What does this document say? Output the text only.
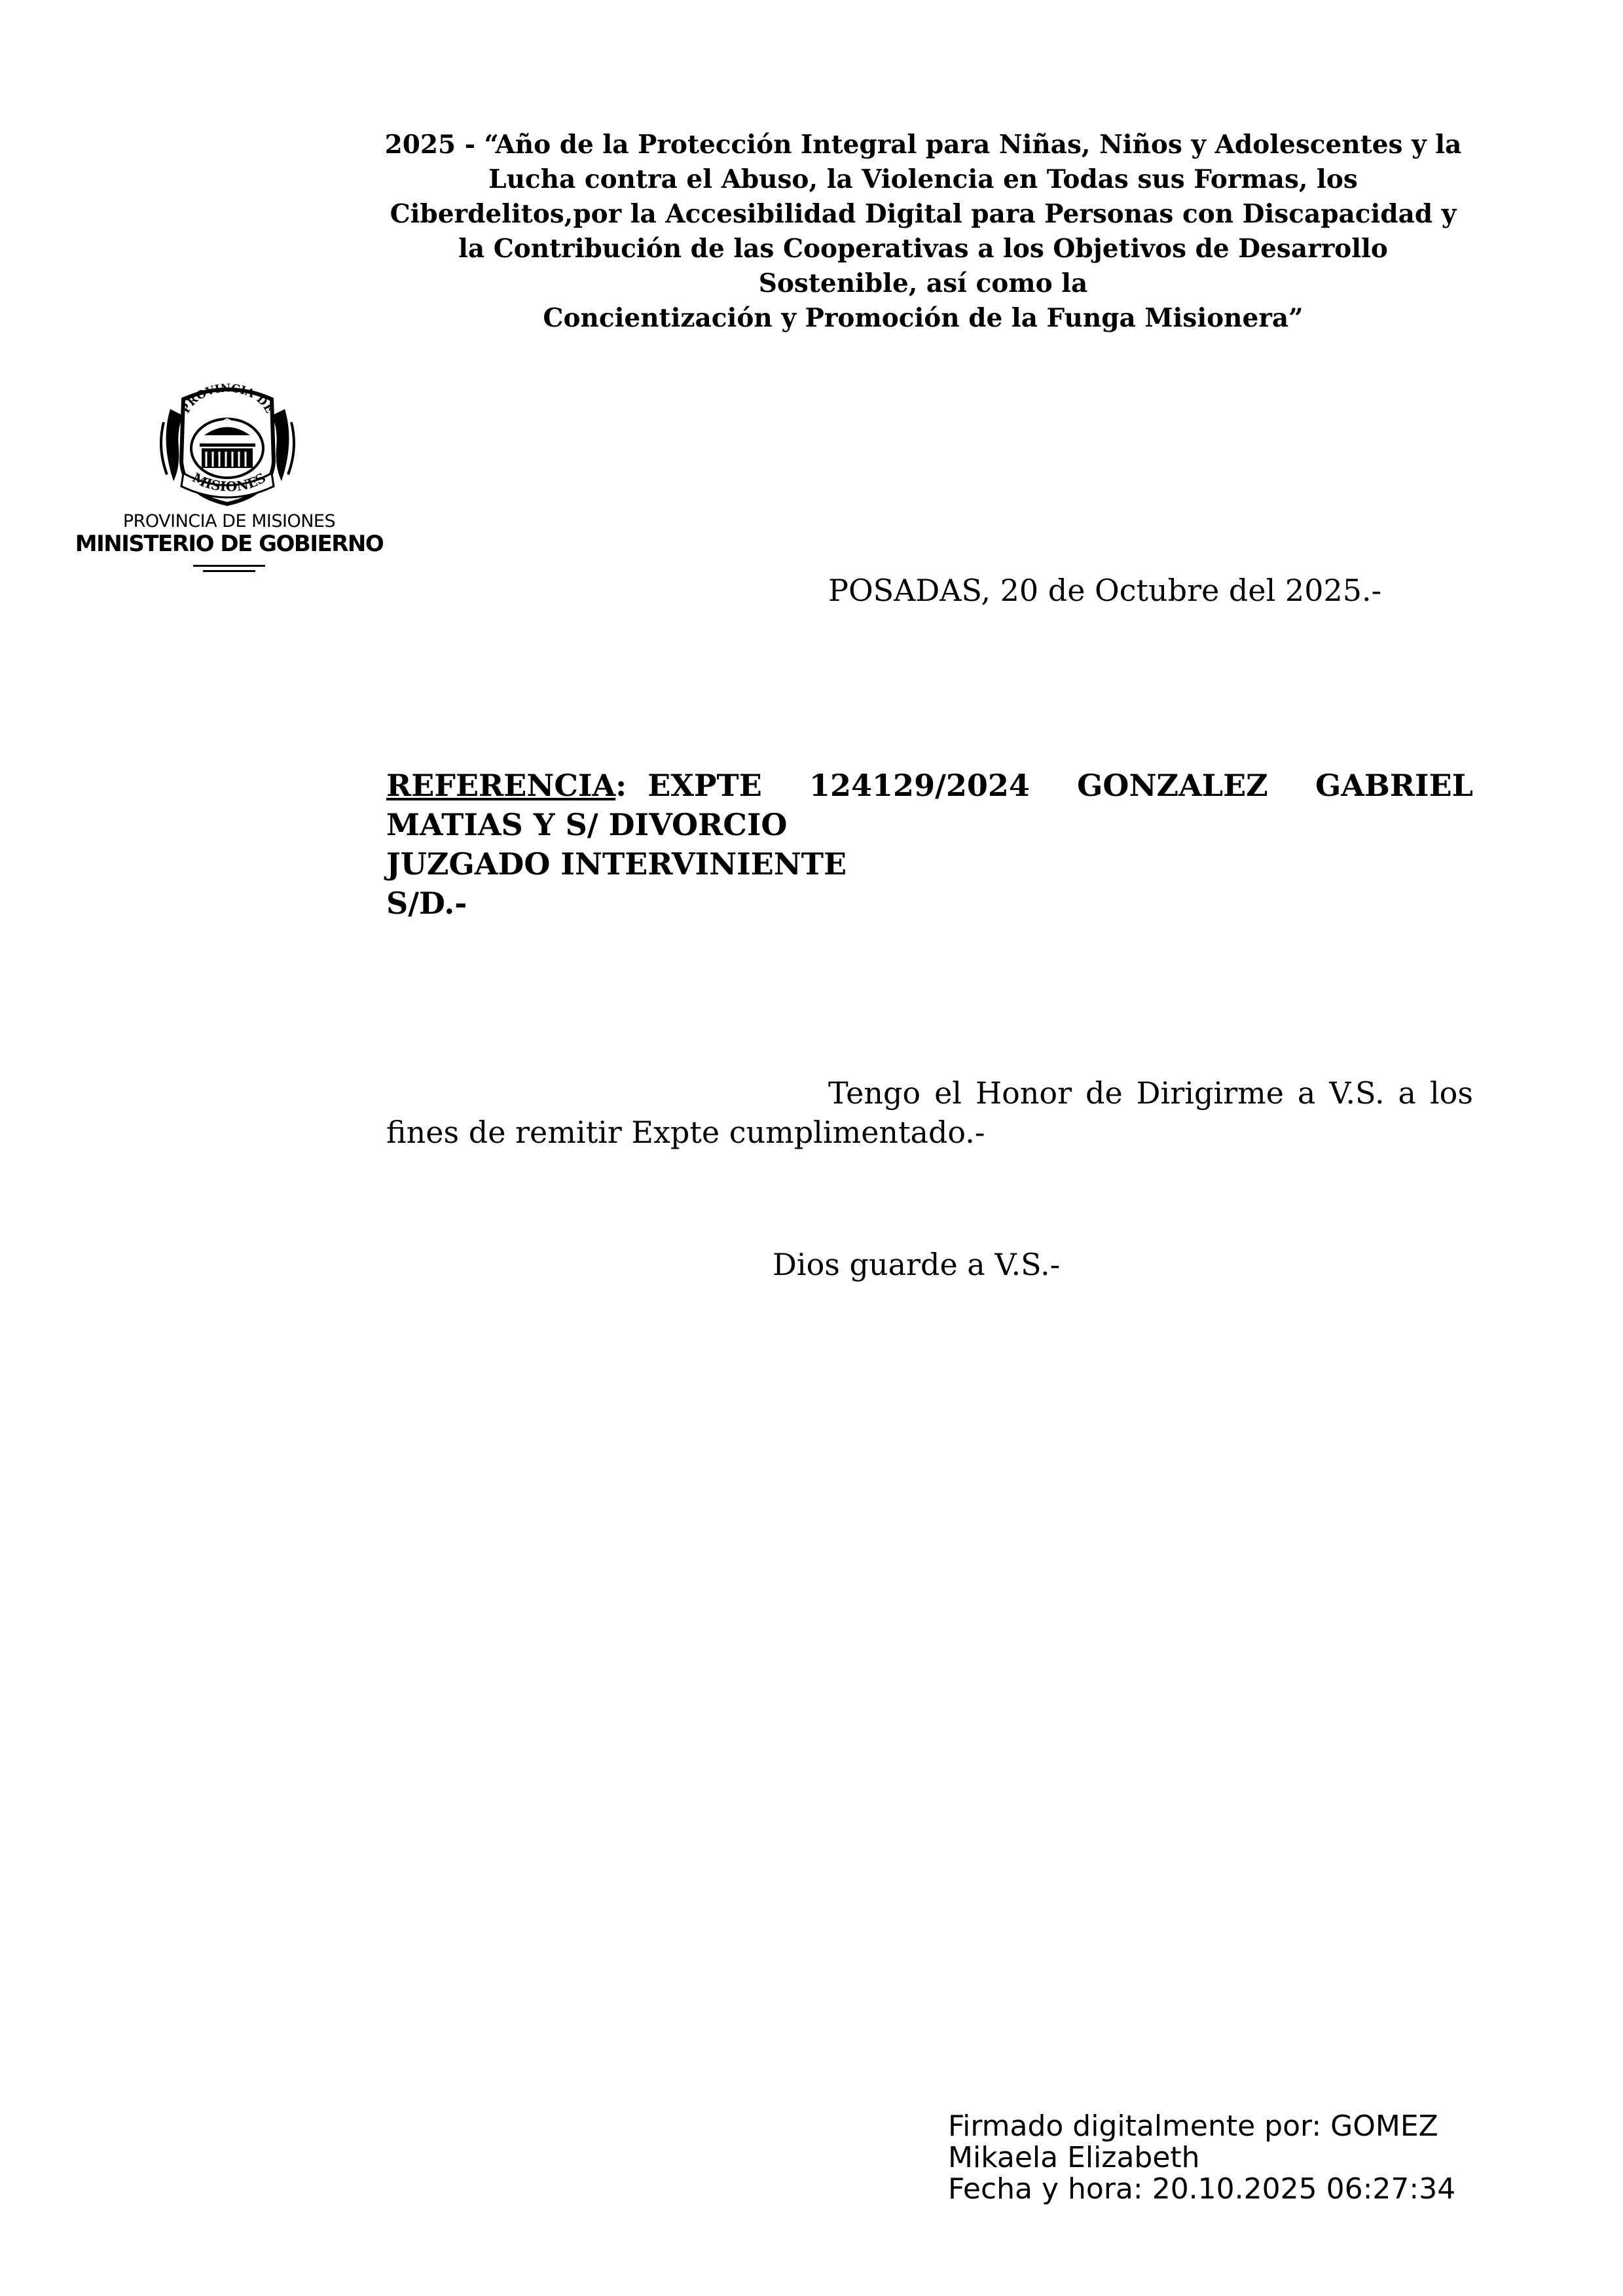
2025 - “Año de la Protección Integral para Niñas, Niños y Adolescentes y la
Lucha contra el Abuso, la Violencia en Todas sus Formas, los
Ciberdelitos,por la Accesibilidad Digital para Personas con Discapacidad y
la Contribución de las Cooperativas a los Objetivos de Desarrollo
Sostenible, así como la
Concientización y Promoción de la Funga Misionera”
PROVINCIA DE
MISIONES
PROVINCIA DE MISIONES
MINISTERIO DE GOBIERNO
POSADAS, 20 de Octubre del 2025.-
REFERENCIA: EXPTE 124129/2024 GONZALEZ GABRIEL
MATIAS Y S/ DIVORCIO
JUZGADO INTERVINIENTE
S/D.-
Tengo el Honor de Dirigirme a V.S. a los
fines de remitir Expte cumplimentado.-
Dios guarde a V.S.-
Firmado digitalmente por: GOMEZ
Mikaela Elizabeth
Fecha y hora: 20.10.2025 06:27:34
